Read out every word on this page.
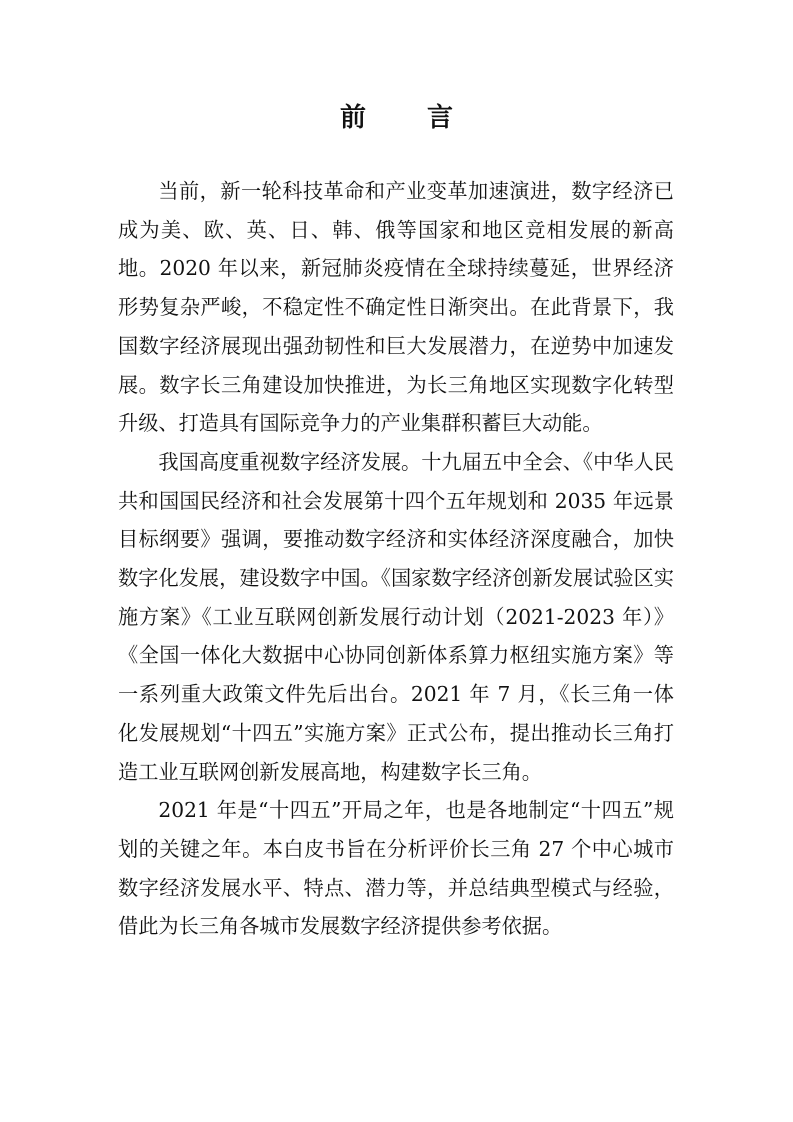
前 言

当前，新一轮科技革命和产业变革加速演进，数字经济已成为美、欧、英、日、韩、俄等国家和地区竞相发展的新高地。2020 年以来，新冠肺炎疫情在全球持续蔓延，世界经济形势复杂严峻，不稳定性不确定性日渐突出。在此背景下，我国数字经济展现出强劲韧性和巨大发展潜力，在逆势中加速发展。数字长三角建设加快推进，为长三角地区实现数字化转型升级、打造具有国际竞争力的产业集群积蓄巨大动能。

我国高度重视数字经济发展。十九届五中全会、《中华人民共和国国民经济和社会发展第十四个五年规划和 2035 年远景目标纲要》强调，要推动数字经济和实体经济深度融合，加快数字化发展，建设数字中国。《国家数字经济创新发展试验区实施方案》《工业互联网创新发展行动计划（2021-2023 年）》《全国一体化大数据中心协同创新体系算力枢纽实施方案》等一系列重大政策文件先后出台。2021 年 7 月，《长三角一体化发展规划“十四五”实施方案》正式公布，提出推动长三角打造工业互联网创新发展高地，构建数字长三角。

2021 年是“十四五”开局之年，也是各地制定“十四五”规划的关键之年。本白皮书旨在分析评价长三角 27 个中心城市数字经济发展水平、特点、潜力等，并总结典型模式与经验，借此为长三角各城市发展数字经济提供参考依据。
